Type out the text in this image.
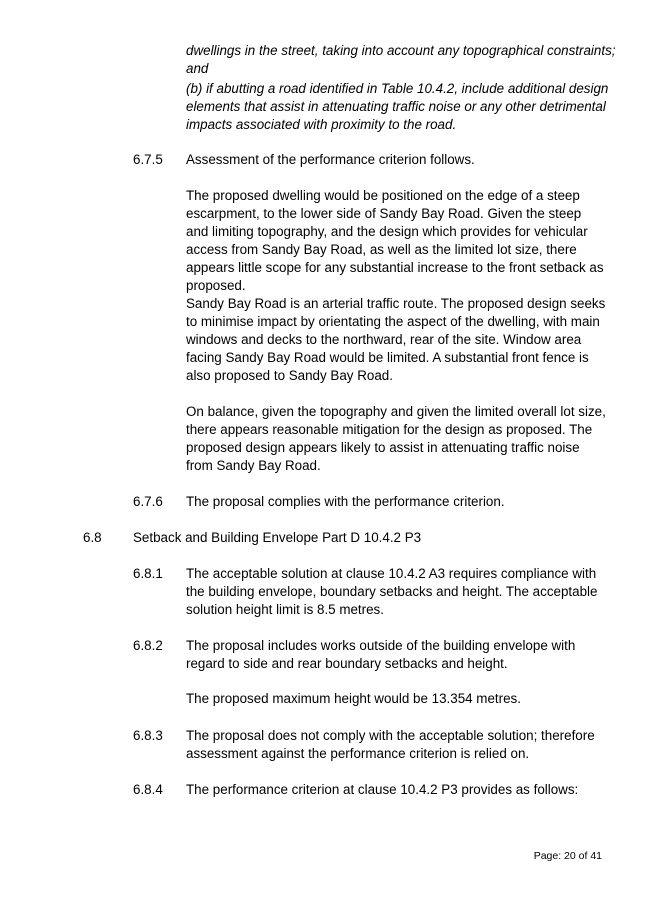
dwellings in the street, taking into account any topographical constraints;
and
(b) if abutting a road identified in Table 10.4.2, include additional design
elements that assist in attenuating traffic noise or any other detrimental
impacts associated with proximity to the road.
6.7.5 Assessment of the performance criterion follows.

The proposed dwelling would be positioned on the edge of a steep escarpment, to the lower side of Sandy Bay Road. Given the steep and limiting topography, and the design which provides for vehicular access from Sandy Bay Road, as well as the limited lot size, there appears little scope for any substantial increase to the front setback as proposed.

Sandy Bay Road is an arterial traffic route. The proposed design seeks to minimise impact by orientating the aspect of the dwelling, with main windows and decks to the northward, rear of the site. Window area facing Sandy Bay Road would be limited. A substantial front fence is also proposed to Sandy Bay Road.

On balance, given the topography and given the limited overall lot size, there appears reasonable mitigation for the design as proposed. The proposed design appears likely to assist in attenuating traffic noise from Sandy Bay Road.

6.7.6 The proposal complies with the performance criterion.

6.8 Setback and Building Envelope Part D 10.4.2 P3
6.8.1 The acceptable solution at clause 10.4.2 A3 requires compliance with the building envelope, boundary setbacks and height. The acceptable solution height limit is 8.5 metres.

6.8.2 The proposal includes works outside of the building envelope with regard to side and rear boundary setbacks and height.

The proposed maximum height would be 13.354 metres.

6.8.3 The proposal does not comply with the acceptable solution; therefore assessment against the performance criterion is relied on.

6.8.4 The performance criterion at clause 10.4.2 P3 provides as follows:

Page: 20 of 41
